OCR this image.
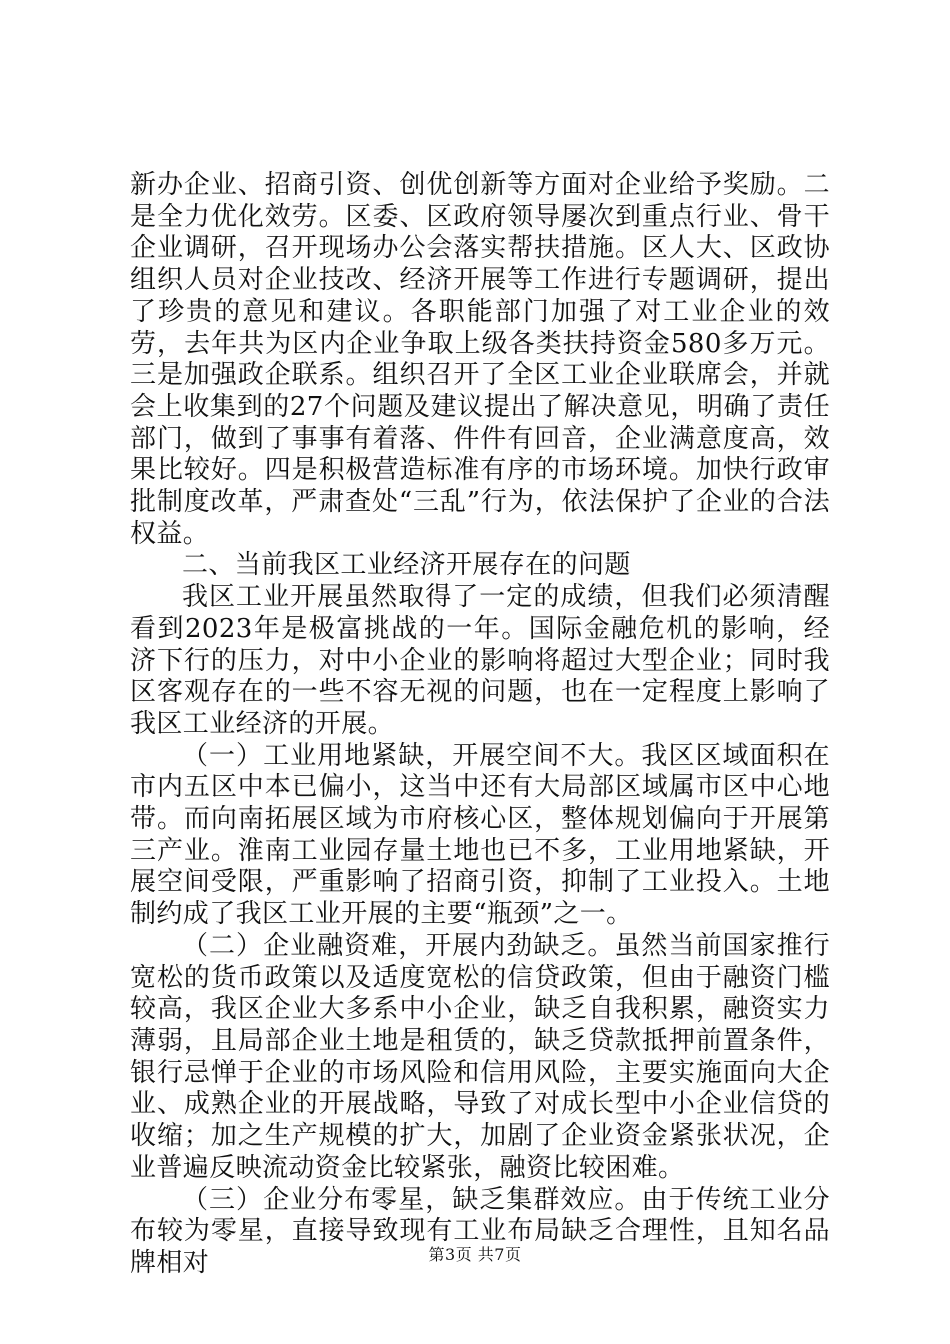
新办企业、招商引资、创优创新等方面对企业给予奖励。二是全力优化效劳。区委、区政府领导屡次到重点行业、骨干企业调研，召开现场办公会落实帮扶措施。区人大、区政协组织人员对企业技改、经济开展等工作进行专题调研，提出了珍贵的意见和建议。各职能部门加强了对工业企业的效劳，去年共为区内企业争取上级各类扶持资金580多万元。三是加强政企联系。组织召开了全区工业企业联席会，并就会上收集到的27个问题及建议提出了解决意见，明确了责任部门，做到了事事有着落、件件有回音，企业满意度高，效果比较好。四是积极营造标准有序的市场环境。加快行政审批制度改革，严肃查处“三乱”行为，依法保护了企业的合法权益。

二、当前我区工业经济开展存在的问题

我区工业开展虽然取得了一定的成绩，但我们必须清醒看到2023年是极富挑战的一年。国际金融危机的影响，经济下行的压力，对中小企业的影响将超过大型企业；同时我区客观存在的一些不容无视的问题，也在一定程度上影响了我区工业经济的开展。

（一）工业用地紧缺，开展空间不大。我区区域面积在市内五区中本已偏小，这当中还有大局部区域属市区中心地带。而向南拓展区域为市府核心区，整体规划偏向于开展第三产业。淮南工业园存量土地也已不多，工业用地紧缺，开展空间受限，严重影响了招商引资，抑制了工业投入。土地制约成了我区工业开展的主要“瓶颈”之一。

（二）企业融资难，开展内劲缺乏。虽然当前国家推行宽松的货币政策以及适度宽松的信贷政策，但由于融资门槛较高，我区企业大多系中小企业，缺乏自我积累，融资实力薄弱，且局部企业土地是租赁的，缺乏贷款抵押前置条件，银行忌惮于企业的市场风险和信用风险，主要实施面向大企业、成熟企业的开展战略，导致了对成长型中小企业信贷的收缩；加之生产规模的扩大，加剧了企业资金紧张状况，企业普遍反映流动资金比较紧张，融资比较困难。

（三）企业分布零星，缺乏集群效应。由于传统工业分布较为零星，直接导致现有工业布局缺乏合理性，且知名品牌相对	第3页 共7页
